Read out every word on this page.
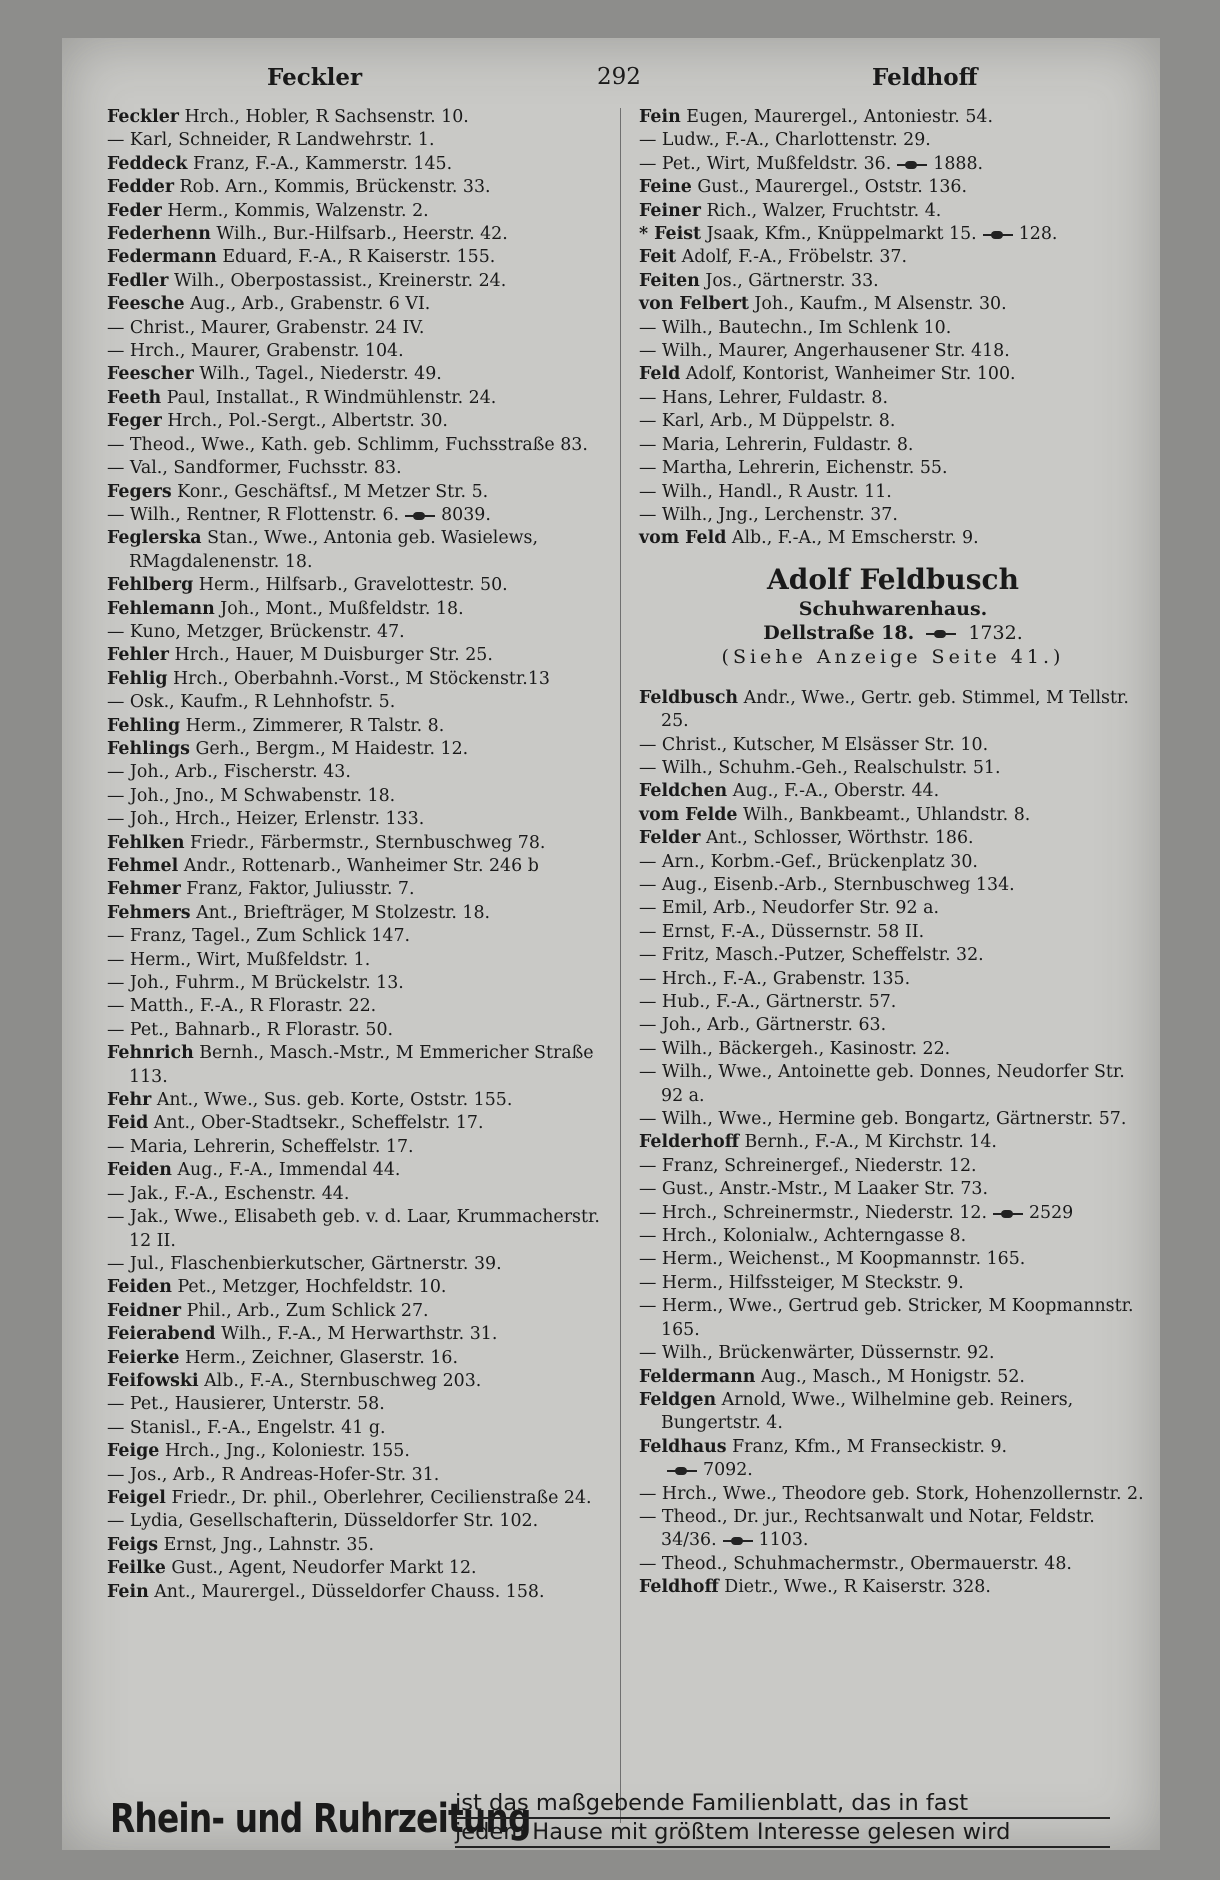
Feckler	292	Feldhoff
Feckler Hrch., Hobler, R Sachsenstr. 10.
— Karl, Schneider, R Landwehrstr. 1.
Feddeck Franz, F.-A., Kammerstr. 145.
Fedder Rob. Arn., Kommis, Brückenstr. 33.
Feder Herm., Kommis, Walzenstr. 2.
Federhenn Wilh., Bur.-Hilfsarb., Heerstr. 42.
Federmann Eduard, F.-A., R Kaiserstr. 155.
Fedler Wilh., Oberpostassist., Kreinerstr. 24.
Feesche Aug., Arb., Grabenstr. 6 VI.
— Christ., Maurer, Grabenstr. 24 IV.
— Hrch., Maurer, Grabenstr. 104.
Feescher Wilh., Tagel., Niederstr. 49.
Feeth Paul, Installat., R Windmühlenstr. 24.
Feger Hrch., Pol.-Sergt., Albertstr. 30.
— Theod., Wwe., Kath. geb. Schlimm, Fuchsstraße 83.
— Val., Sandformer, Fuchsstr. 83.
Fegers Konr., Geschäftsf., M Metzer Str. 5.
— Wilh., Rentner, R Flottenstr. 6. 8039.
Feglerska Stan., Wwe., Antonia geb. Wasielews, RMagdalenenstr. 18.
Fehlberg Herm., Hilfsarb., Gravelottestr. 50.
Fehlemann Joh., Mont., Mußfeldstr. 18.
— Kuno, Metzger, Brückenstr. 47.
Fehler Hrch., Hauer, M Duisburger Str. 25.
Fehlig Hrch., Oberbahnh.-Vorst., M Stöckenstr.13
— Osk., Kaufm., R Lehnhofstr. 5.
Fehling Herm., Zimmerer, R Talstr. 8.
Fehlings Gerh., Bergm., M Haidestr. 12.
— Joh., Arb., Fischerstr. 43.
— Joh., Jno., M Schwabenstr. 18.
— Joh., Hrch., Heizer, Erlenstr. 133.
Fehlken Friedr., Färbermstr., Sternbuschweg 78.
Fehmel Andr., Rottenarb., Wanheimer Str. 246 b
Fehmer Franz, Faktor, Juliusstr. 7.
Fehmers Ant., Briefträger, M Stolzestr. 18.
— Franz, Tagel., Zum Schlick 147.
— Herm., Wirt, Mußfeldstr. 1.
— Joh., Fuhrm., M Brückelstr. 13.
— Matth., F.-A., R Florastr. 22.
— Pet., Bahnarb., R Florastr. 50.
Fehnrich Bernh., Masch.-Mstr., M Emmericher Straße 113.
Fehr Ant., Wwe., Sus. geb. Korte, Oststr. 155.
Feid Ant., Ober-Stadtsekr., Scheffelstr. 17.
— Maria, Lehrerin, Scheffelstr. 17.
Feiden Aug., F.-A., Immendal 44.
— Jak., F.-A., Eschenstr. 44.
— Jak., Wwe., Elisabeth geb. v. d. Laar, Krummacherstr. 12 II.
— Jul., Flaschenbierkutscher, Gärtnerstr. 39.
Feiden Pet., Metzger, Hochfeldstr. 10.
Feidner Phil., Arb., Zum Schlick 27.
Feierabend Wilh., F.-A., M Herwarthstr. 31.
Feierke Herm., Zeichner, Glaserstr. 16.
Feifowski Alb., F.-A., Sternbuschweg 203.
— Pet., Hausierer, Unterstr. 58.
— Stanisl., F.-A., Engelstr. 41 g.
Feige Hrch., Jng., Koloniestr. 155.
— Jos., Arb., R Andreas-Hofer-Str. 31.
Feigel Friedr., Dr. phil., Oberlehrer, Cecilienstraße 24.
— Lydia, Gesellschafterin, Düsseldorfer Str. 102.
Feigs Ernst, Jng., Lahnstr. 35.
Feilke Gust., Agent, Neudorfer Markt 12.
Fein Ant., Maurergel., Düsseldorfer Chauss. 158.
Fein Eugen, Maurergel., Antoniestr. 54.
— Ludw., F.-A., Charlottenstr. 29.
— Pet., Wirt, Mußfeldstr. 36. 1888.
Feine Gust., Maurergel., Oststr. 136.
Feiner Rich., Walzer, Fruchtstr. 4.
* Feist Jsaak, Kfm., Knüppelmarkt 15. 128.
Feit Adolf, F.-A., Fröbelstr. 37.
Feiten Jos., Gärtnerstr. 33.
von Felbert Joh., Kaufm., M Alsenstr. 30.
— Wilh., Bautechn., Im Schlenk 10.
— Wilh., Maurer, Angerhausener Str. 418.
Feld Adolf, Kontorist, Wanheimer Str. 100.
— Hans, Lehrer, Fuldastr. 8.
— Karl, Arb., M Düppelstr. 8.
— Maria, Lehrerin, Fuldastr. 8.
— Martha, Lehrerin, Eichenstr. 55.
— Wilh., Handl., R Austr. 11.
— Wilh., Jng., Lerchenstr. 37.
vom Feld Alb., F.-A., M Emscherstr. 9.
Adolf Feldbusch
Schuhwarenhaus.
Dellstraße 18.	1732.
(Siehe Anzeige Seite 41.)
Feldbusch Andr., Wwe., Gertr. geb. Stimmel, M Tellstr. 25.
— Christ., Kutscher, M Elsässer Str. 10.
— Wilh., Schuhm.-Geh., Realschulstr. 51.
Feldchen Aug., F.-A., Oberstr. 44.
vom Felde Wilh., Bankbeamt., Uhlandstr. 8.
Felder Ant., Schlosser, Wörthstr. 186.
— Arn., Korbm.-Gef., Brückenplatz 30.
— Aug., Eisenb.-Arb., Sternbuschweg 134.
— Emil, Arb., Neudorfer Str. 92 a.
— Ernst, F.-A., Düssernstr. 58 II.
— Fritz, Masch.-Putzer, Scheffelstr. 32.
— Hrch., F.-A., Grabenstr. 135.
— Hub., F.-A., Gärtnerstr. 57.
— Joh., Arb., Gärtnerstr. 63.
— Wilh., Bäckergeh., Kasinostr. 22.
— Wilh., Wwe., Antoinette geb. Donnes, Neudorfer Str. 92 a.
— Wilh., Wwe., Hermine geb. Bongartz, Gärtnerstr. 57.
Felderhoff Bernh., F.-A., M Kirchstr. 14.
— Franz, Schreinergef., Niederstr. 12.
— Gust., Anstr.-Mstr., M Laaker Str. 73.
— Hrch., Schreinermstr., Niederstr. 12. 2529
— Hrch., Kolonialw., Achterngasse 8.
— Herm., Weichenst., M Koopmannstr. 165.
— Herm., Hilfssteiger, M Steckstr. 9.
— Herm., Wwe., Gertrud geb. Stricker, M Koopmannstr. 165.
— Wilh., Brückenwärter, Düssernstr. 92.
Feldermann Aug., Masch., M Honigstr. 52.
Feldgen Arnold, Wwe., Wilhelmine geb. Reiners, Bungertstr. 4.
Feldhaus Franz, Kfm., M Franseckistr. 9.
7092.
— Hrch., Wwe., Theodore geb. Stork, Hohenzollernstr. 2.
— Theod., Dr. jur., Rechtsanwalt und Notar, Feldstr. 34/36. 1103.
— Theod., Schuhmachermstr., Obermauerstr. 48.
Feldhoff Dietr., Wwe., R Kaiserstr. 328.
Rhein- und Ruhrzeitung
ist das maßgebende Familienblatt, das in fast
jedem Hause mit größtem Interesse gelesen wird
